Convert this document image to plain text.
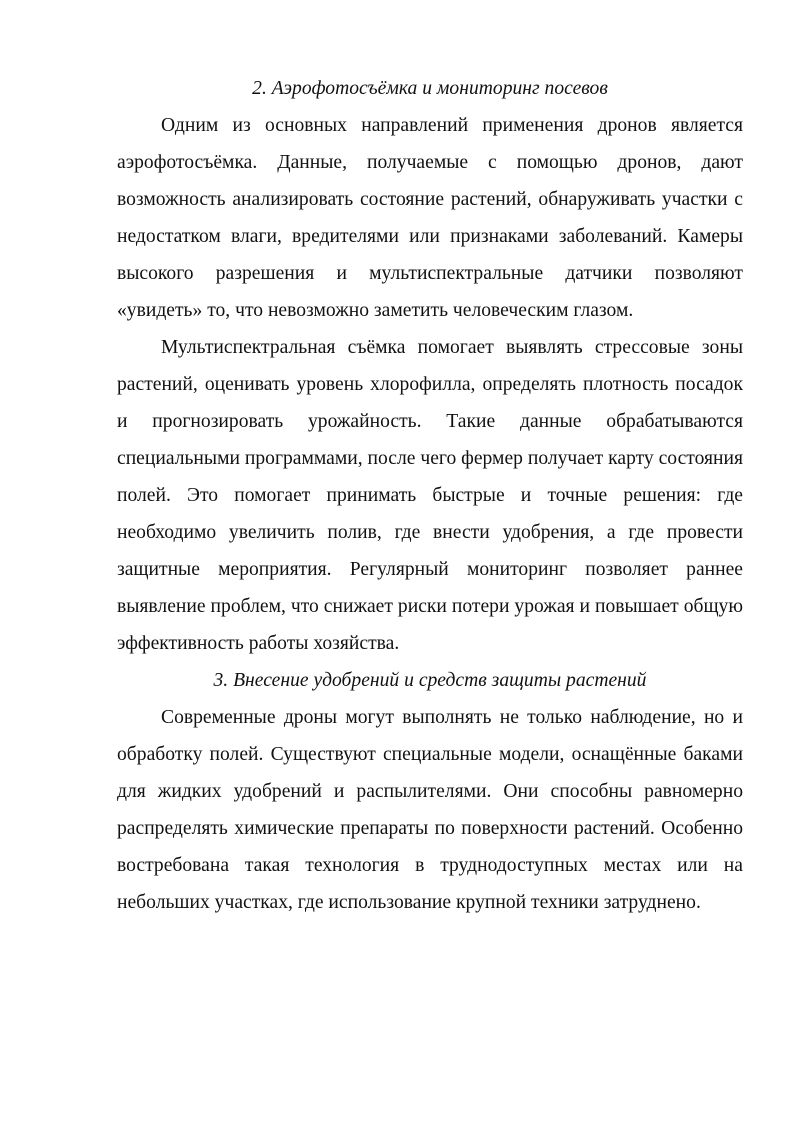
2. Аэрофотосъёмка и мониторинг посевов

Одним из основных направлений применения дронов является аэрофотосъёмка. Данные, получаемые с помощью дронов, дают возможность анализировать состояние растений, обнаруживать участки с недостатком влаги, вредителями или признаками заболеваний. Камеры высокого разрешения и мультиспектральные датчики позволяют «увидеть» то, что невозможно заметить человеческим глазом.

Мультиспектральная съёмка помогает выявлять стрессовые зоны растений, оценивать уровень хлорофилла, определять плотность посадок и прогнозировать урожайность. Такие данные обрабатываются специальными программами, после чего фермер получает карту состояния полей. Это помогает принимать быстрые и точные решения: где необходимо увеличить полив, где внести удобрения, а где провести защитные мероприятия. Регулярный мониторинг позволяет раннее выявление проблем, что снижает риски потери урожая и повышает общую эффективность работы хозяйства.

3. Внесение удобрений и средств защиты растений

Современные дроны могут выполнять не только наблюдение, но и обработку полей. Существуют специальные модели, оснащённые баками для жидких удобрений и распылителями. Они способны равномерно распределять химические препараты по поверхности растений. Особенно востребована такая технология в труднодоступных местах или на небольших участках, где использование крупной техники затруднено.
